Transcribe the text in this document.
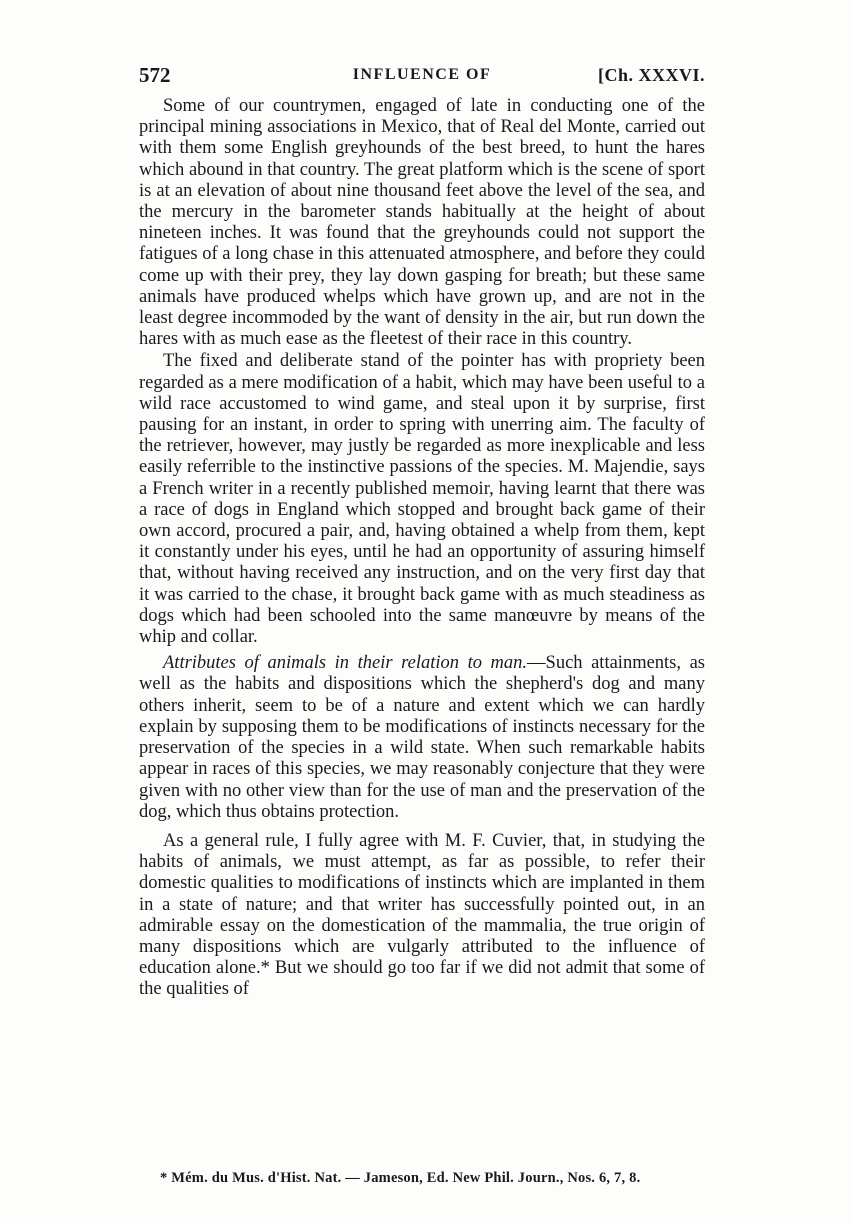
572	INFLUENCE OF	[Ch. XXXVI.

Some of our countrymen, engaged of late in conducting one of the principal mining associations in Mexico, that of Real del Monte, carried out with them some English greyhounds of the best breed, to hunt the hares which abound in that country. The great platform which is the scene of sport is at an elevation of about nine thousand feet above the level of the sea, and the mercury in the barometer stands habitually at the height of about nineteen inches. It was found that the greyhounds could not support the fatigues of a long chase in this attenuated atmosphere, and before they could come up with their prey, they lay down gasping for breath; but these same animals have produced whelps which have grown up, and are not in the least degree incommoded by the want of density in the air, but run down the hares with as much ease as the fleetest of their race in this country.

The fixed and deliberate stand of the pointer has with propriety been regarded as a mere modification of a habit, which may have been useful to a wild race accustomed to wind game, and steal upon it by surprise, first pausing for an instant, in order to spring with unerring aim. The faculty of the retriever, however, may justly be regarded as more inexplicable and less easily referrible to the instinctive passions of the species. M. Majendie, says a French writer in a recently published memoir, having learnt that there was a race of dogs in England which stopped and brought back game of their own accord, procured a pair, and, having obtained a whelp from them, kept it constantly under his eyes, until he had an opportunity of assuring himself that, without having received any instruction, and on the very first day that it was carried to the chase, it brought back game with as much steadiness as dogs which had been schooled into the same manœuvre by means of the whip and collar.

Attributes of animals in their relation to man.—Such attainments, as well as the habits and dispositions which the shepherd's dog and many others inherit, seem to be of a nature and extent which we can hardly explain by supposing them to be modifications of instincts necessary for the preservation of the species in a wild state. When such remarkable habits appear in races of this species, we may reasonably conjecture that they were given with no other view than for the use of man and the preservation of the dog, which thus obtains protection.

As a general rule, I fully agree with M. F. Cuvier, that, in studying the habits of animals, we must attempt, as far as possible, to refer their domestic qualities to modifications of instincts which are implanted in them in a state of nature; and that writer has successfully pointed out, in an admirable essay on the domestication of the mammalia, the true origin of many dispositions which are vulgarly attributed to the influence of education alone.* But we should go too far if we did not admit that some of the qualities of

* Mém. du Mus. d'Hist. Nat. — Jameson, Ed. New Phil. Journ., Nos. 6, 7, 8.
